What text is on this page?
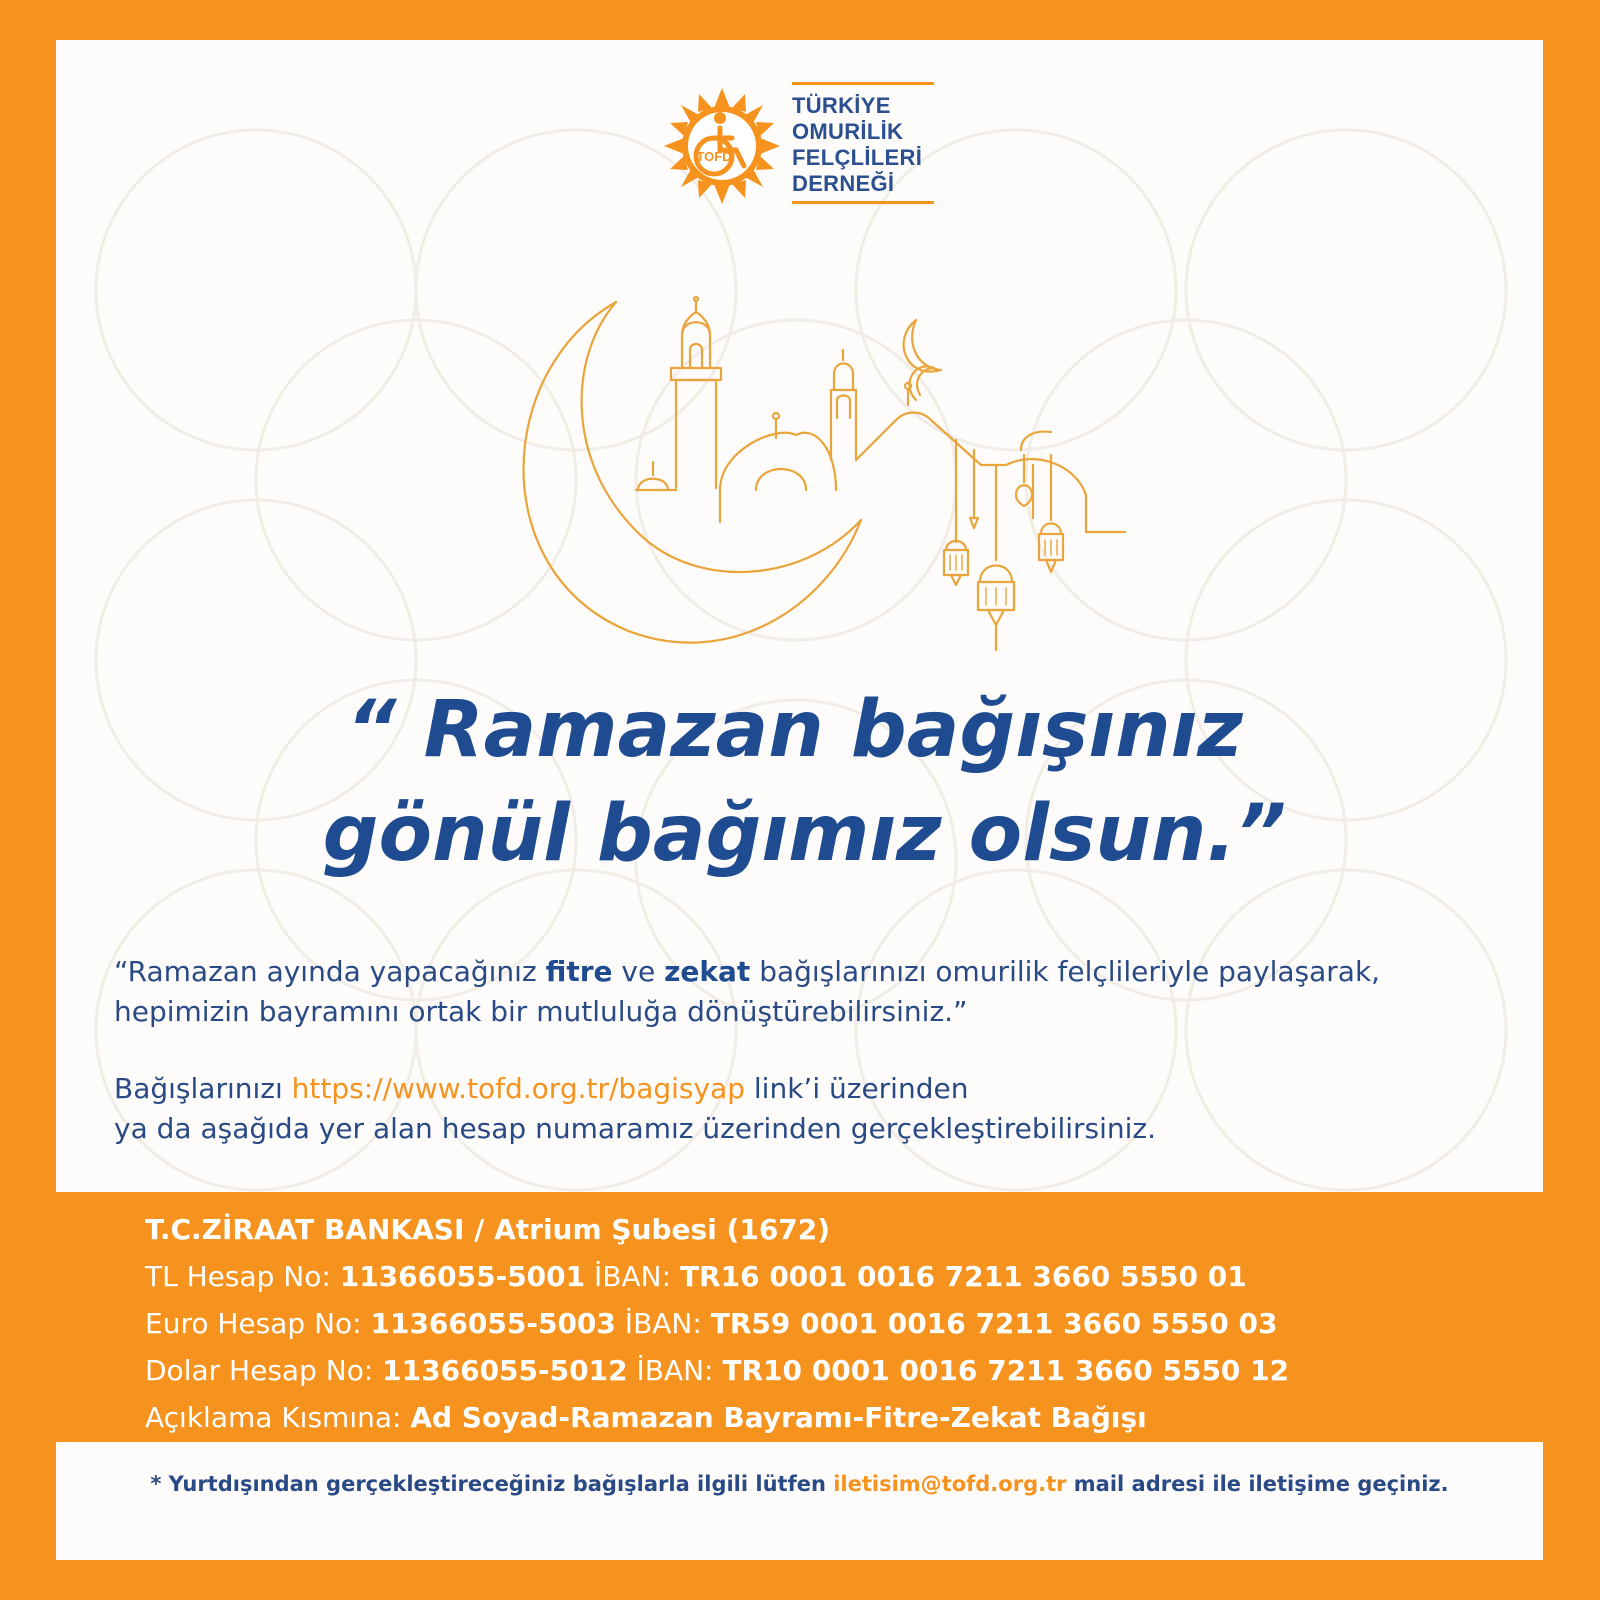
TOFD
TÜRKİYE
OMURİLİK
FELÇLİLERİ
DERNEĞİ
“ Ramazan bağışınız
gönül bağımız olsun.”

“Ramazan ayında yapacağınız fitre ve zekat bağışlarınızı omurilik felçlileriyle paylaşarak,
hepimizin bayramını ortak bir mutluluğa dönüştürebilirsiniz.”

Bağışlarınızı https://www.tofd.org.tr/bagisyap link’i üzerinden
ya da aşağıda yer alan hesap numaramız üzerinden gerçekleştirebilirsiniz.

T.C.ZİRAAT BANKASI / Atrium Şubesi (1672)
TL Hesap No: 11366055-5001 İBAN: TR16 0001 0016 7211 3660 5550 01
Euro Hesap No: 11366055-5003 İBAN: TR59 0001 0016 7211 3660 5550 03
Dolar Hesap No: 11366055-5012 İBAN: TR10 0001 0016 7211 3660 5550 12
Açıklama Kısmına: Ad Soyad-Ramazan Bayramı-Fitre-Zekat Bağışı
* Yurtdışından gerçekleştireceğiniz bağışlarla ilgili lütfen iletisim@tofd.org.tr mail adresi ile iletişime geçiniz.
